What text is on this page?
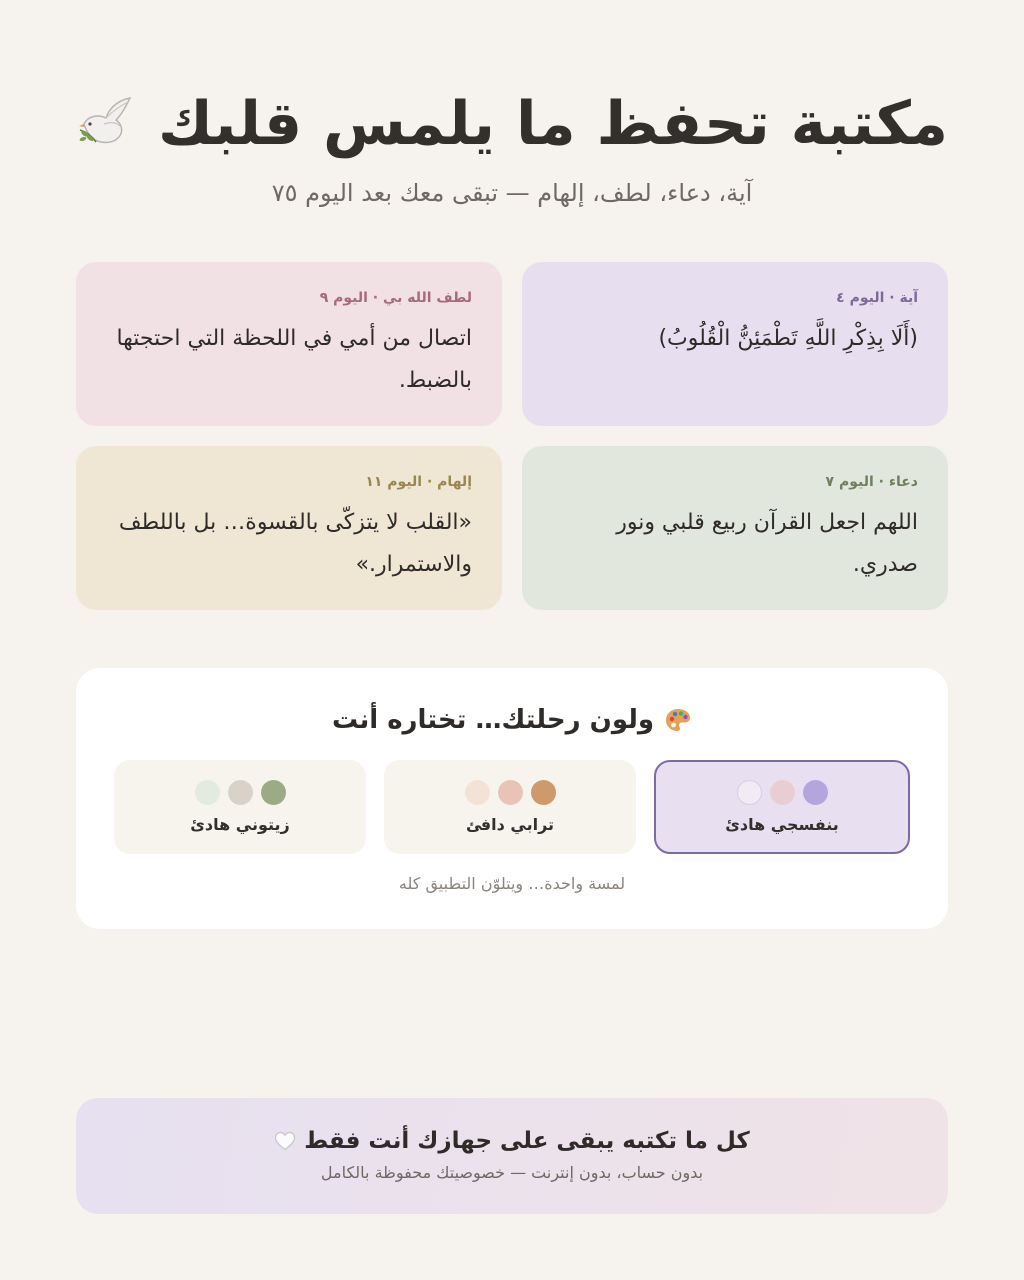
مكتبة تحفظ ما يلمس قلبك

آية، دعاء، لطف، إلهام — تبقى معك بعد اليوم ٧٥

آية · اليوم ٤
(أَلَا بِذِكْرِ اللَّهِ تَطْمَئِنُّ الْقُلُوبُ)
لطف الله بي · اليوم ٩
اتصال من أمي في اللحظة التي احتجتها بالضبط.
دعاء · اليوم ٧
اللهم اجعل القرآن ربيع قلبي ونور صدري.
إلهام · اليوم ١١
«القلب لا يتزكّى بالقسوة… بل باللطف والاستمرار.»
ولون رحلتك… تختاره أنت
بنفسجي هادئ
ترابي دافئ
زيتوني هادئ

لمسة واحدة… ويتلوّن التطبيق كله

كل ما تكتبه يبقى على جهازك أنت فقط

بدون حساب، بدون إنترنت — خصوصيتك محفوظة بالكامل
